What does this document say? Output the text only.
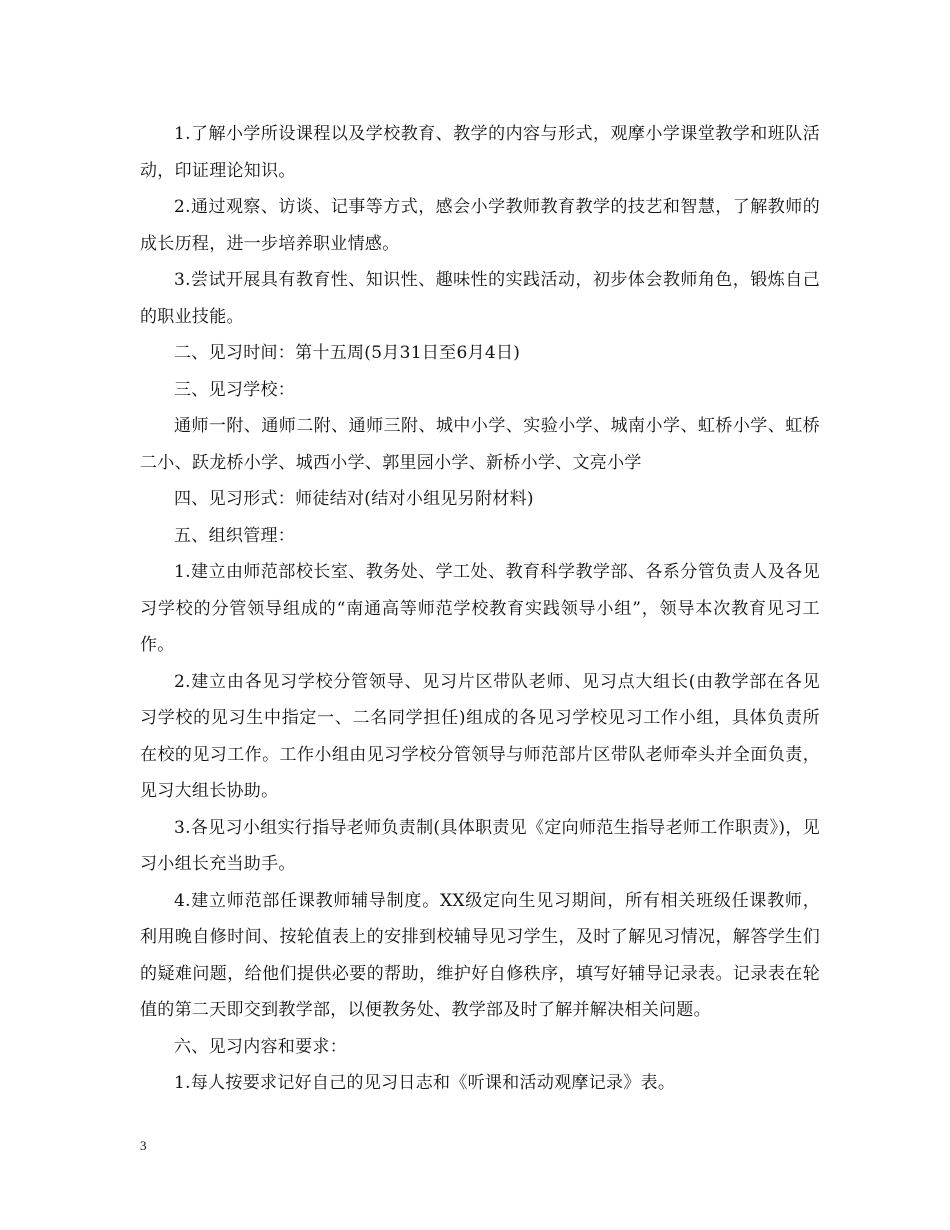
1.了解小学所设课程以及学校教育、教学的内容与形式，观摩小学课堂教学和班队活动，印证理论知识。

2.通过观察、访谈、记事等方式，感会小学教师教育教学的技艺和智慧，了解教师的成长历程，进一步培养职业情感。

3.尝试开展具有教育性、知识性、趣味性的实践活动，初步体会教师角色，锻炼自己的职业技能。

二、见习时间：第十五周(5月31日至6月4日)

三、见习学校：

通师一附、通师二附、通师三附、城中小学、实验小学、城南小学、虹桥小学、虹桥二小、跃龙桥小学、城西小学、郭里园小学、新桥小学、文亮小学

四、见习形式：师徒结对(结对小组见另附材料)

五、组织管理：

1.建立由师范部校长室、教务处、学工处、教育科学教学部、各系分管负责人及各见习学校的分管领导组成的“南通高等师范学校教育实践领导小组”，领导本次教育见习工作。

2.建立由各见习学校分管领导、见习片区带队老师、见习点大组长(由教学部在各见习学校的见习生中指定一、二名同学担任)组成的各见习学校见习工作小组，具体负责所在校的见习工作。工作小组由见习学校分管领导与师范部片区带队老师牵头并全面负责，见习大组长协助。

3.各见习小组实行指导老师负责制(具体职责见《定向师范生指导老师工作职责》)，见习小组长充当助手。

4.建立师范部任课教师辅导制度。XX级定向生见习期间，所有相关班级任课教师，利用晚自修时间、按轮值表上的安排到校辅导见习学生，及时了解见习情况，解答学生们的疑难问题，给他们提供必要的帮助，维护好自修秩序，填写好辅导记录表。记录表在轮值的第二天即交到教学部，以便教务处、教学部及时了解并解决相关问题。

六、见习内容和要求：

1.每人按要求记好自己的见习日志和《听课和活动观摩记录》表。

3
